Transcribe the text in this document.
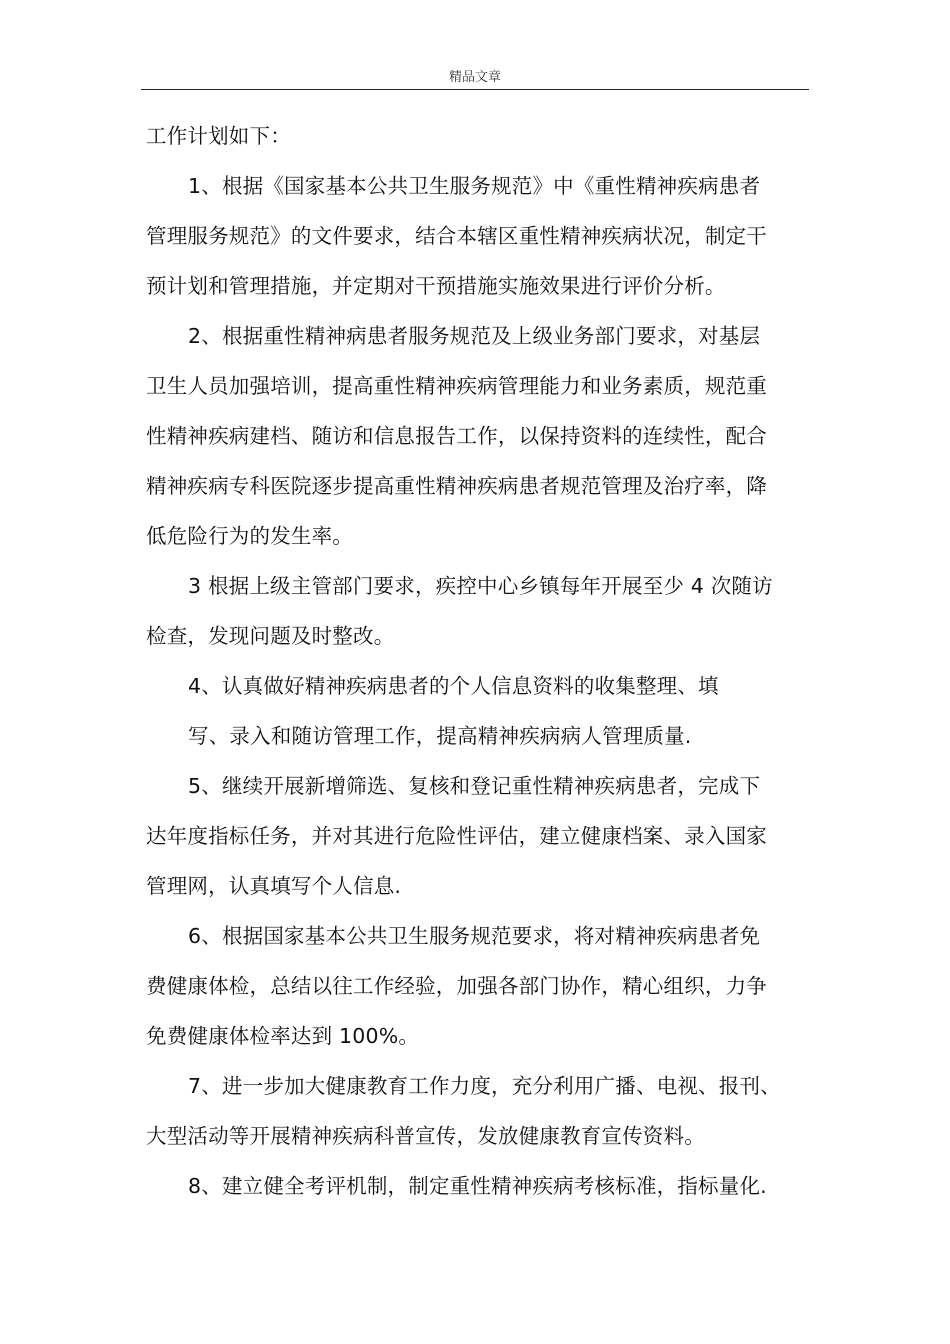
精品文章
工作计划如下：
1、根据《国家基本公共卫生服务规范》中《重性精神疾病患者
管理服务规范》的文件要求，结合本辖区重性精神疾病状况，制定干
预计划和管理措施，并定期对干预措施实施效果进行评价分析。
2、根据重性精神病患者服务规范及上级业务部门要求，对基层
卫生人员加强培训，提高重性精神疾病管理能力和业务素质，规范重
性精神疾病建档、随访和信息报告工作，以保持资料的连续性，配合
精神疾病专科医院逐步提高重性精神疾病患者规范管理及治疗率，降
低危险行为的发生率。
3 根据上级主管部门要求，疾控中心乡镇每年开展至少 4 次随访
检查，发现问题及时整改。
4、认真做好精神疾病患者的个人信息资料的收集整理、填
写、录入和随访管理工作，提高精神疾病病人管理质量.
5、继续开展新增筛选、复核和登记重性精神疾病患者，完成下
达年度指标任务，并对其进行危险性评估，建立健康档案、录入国家
管理网，认真填写个人信息.
6、根据国家基本公共卫生服务规范要求，将对精神疾病患者免
费健康体检，总结以往工作经验，加强各部门协作，精心组织，力争
免费健康体检率达到 100%。
7、进一步加大健康教育工作力度，充分利用广播、电视、报刊、
大型活动等开展精神疾病科普宣传，发放健康教育宣传资料。
8、建立健全考评机制，制定重性精神疾病考核标准，指标量化.
